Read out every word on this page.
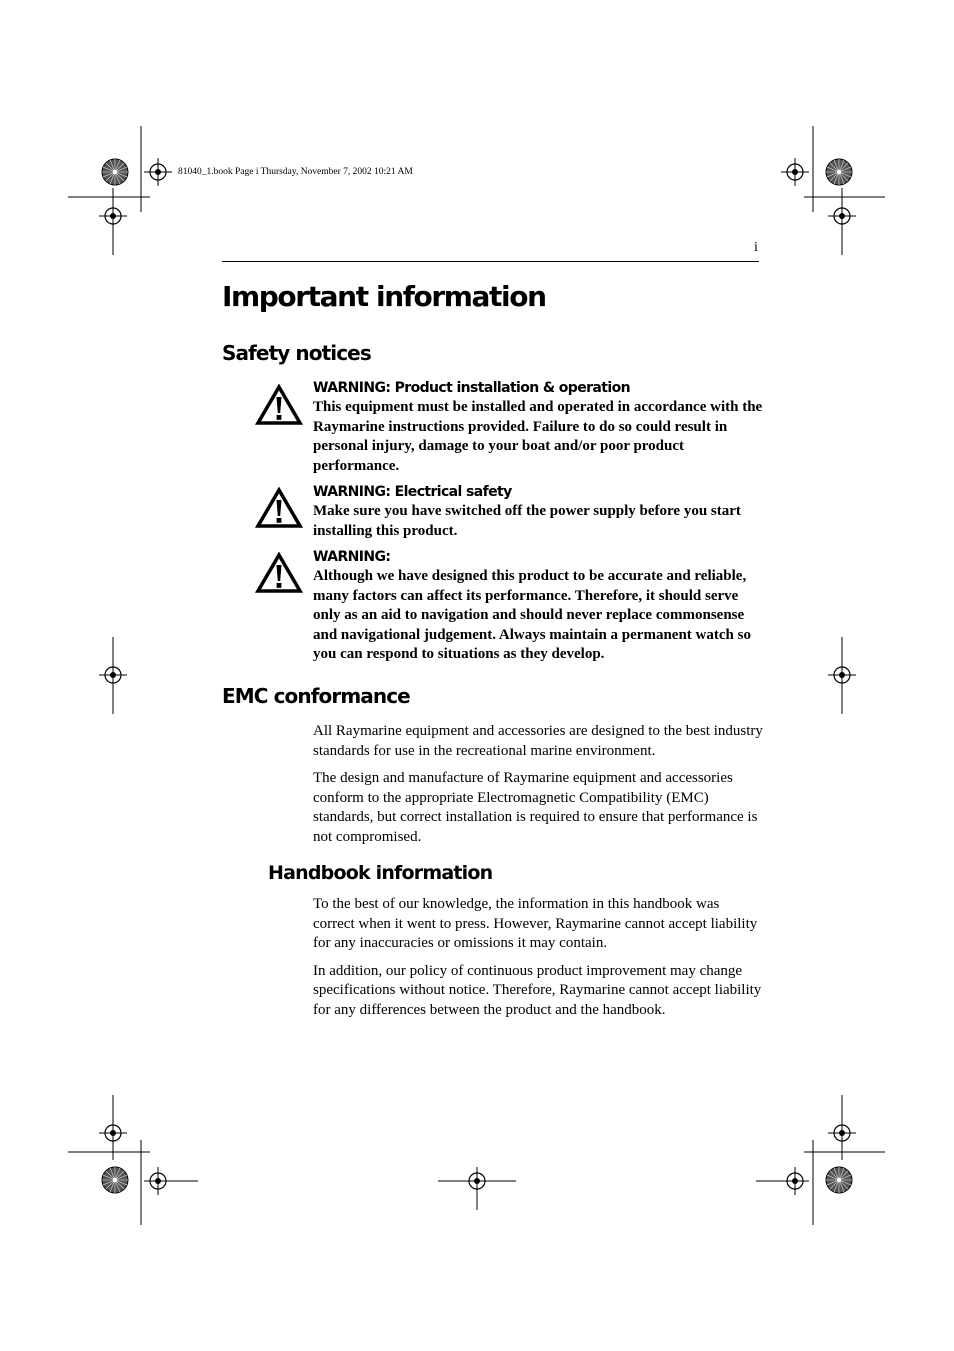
81040_1.book Page i Thursday, November 7, 2002 10:21 AM
i
Important information
Safety notices
WARNING: Product installation & operation
This equipment must be installed and operated in accordance with the Raymarine instructions provided. Failure to do so could result in personal injury, damage to your boat and/or poor product performance.
WARNING: Electrical safety
Make sure you have switched off the power supply before you start installing this product.
WARNING:
Although we have designed this product to be accurate and reliable, many factors can affect its performance. Therefore, it should serve only as an aid to navigation and should never replace commonsense and navigational judgement. Always maintain a permanent watch so you can respond to situations as they develop.
EMC conformance

All Raymarine equipment and accessories are designed to the best industry standards for use in the recreational marine environment.

The design and manufacture of Raymarine equipment and accessories conform to the appropriate Electromagnetic Compatibility (EMC) standards, but correct installation is required to ensure that performance is not compromised.

Handbook information

To the best of our knowledge, the information in this handbook was correct when it went to press. However, Raymarine cannot accept liability for any inaccuracies or omissions it may contain.

In addition, our policy of continuous product improvement may change specifications without notice. Therefore, Raymarine cannot accept liability for any differences between the product and the handbook.
